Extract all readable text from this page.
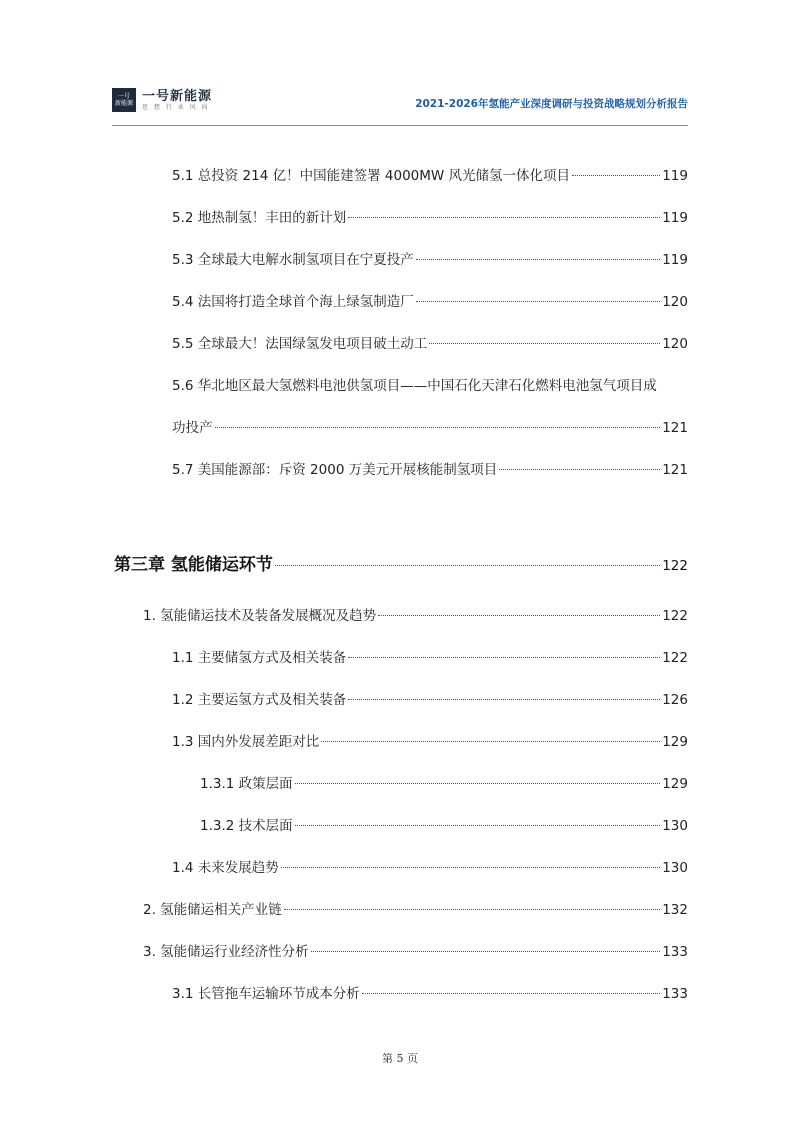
一号
新能源 一号新能源
思 想 行 业 风 向	2021-2026年氢能产业深度调研与投资战略规划分析报告
5.1 总投资 214 亿！中国能建签署 4000MW 风光储氢一体化项目	119
5.2 地热制氢！丰田的新计划	119
5.3 全球最大电解水制氢项目在宁夏投产	119
5.4 法国将打造全球首个海上绿氢制造厂	120
5.5 全球最大！法国绿氢发电项目破土动工	120
5.6 华北地区最大氢燃料电池供氢项目——中国石化天津石化燃料电池氢气项目成
功投产	121
5.7 美国能源部：斥资 2000 万美元开展核能制氢项目	121
第三章 氢能储运环节	122
1. 氢能储运技术及装备发展概况及趋势	122
1.1 主要储氢方式及相关装备	122
1.2 主要运氢方式及相关装备	126
1.3 国内外发展差距对比	129
1.3.1 政策层面	129
1.3.2 技术层面	130
1.4 未来发展趋势	130
2. 氢能储运相关产业链	132
3. 氢能储运行业经济性分析	133
3.1 长管拖车运输环节成本分析	133
第 5 页
